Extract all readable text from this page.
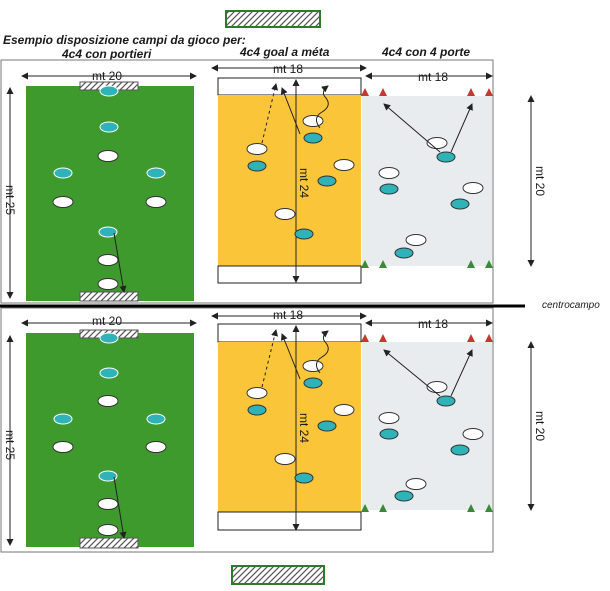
Esempio disposizione campi da gioco per:
4c4 con portieri	4c4 goal a méta	4c4 con 4 porte
centrocampo
mt 20
mt 25
mt 18
mt 24
mt 18
mt 20
mt 20
mt 25
mt 18
mt 24
mt 18
mt 20
